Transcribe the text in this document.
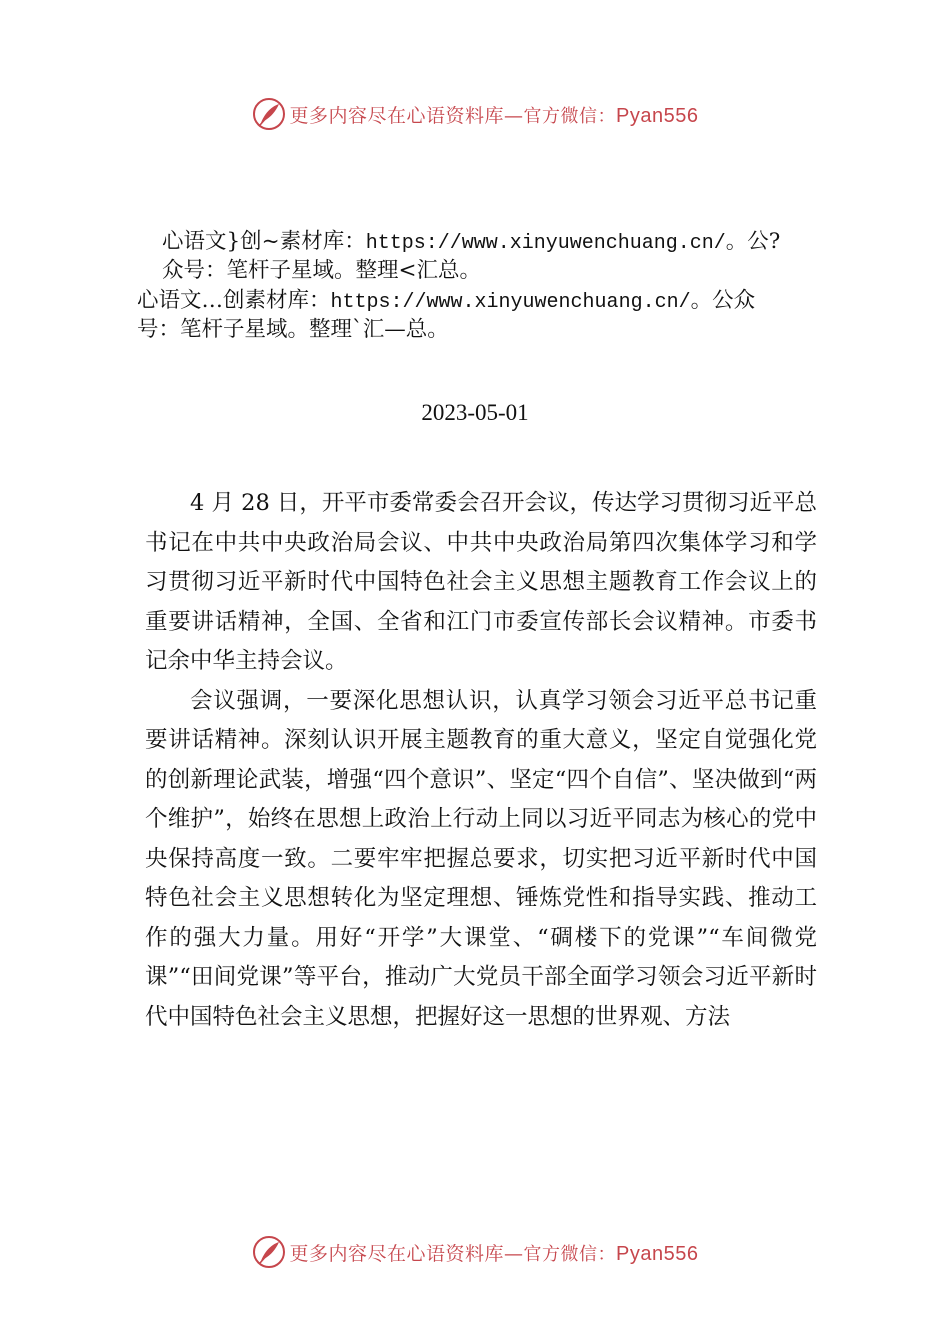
更多内容尽在心语资料库—官方微信：Pyan556
心语文}创~素材库：https://www.xinyuwenchuang.cn/。公?
众号：笔杆子星域。整理<汇总。
心语文…创素材库：https://www.xinyuwenchuang.cn/。公众
号：笔杆子星域。整理`汇—总。
2023-05-01

4 月 28 日，开平市委常委会召开会议，传达学习贯彻习近平总书记在中共中央政治局会议、中共中央政治局第四次集体学习和学习贯彻习近平新时代中国特色社会主义思想主题教育工作会议上的重要讲话精神，全国、全省和江门市委宣传部长会议精神。市委书记余中华主持会议。

会议强调，一要深化思想认识，认真学习领会习近平总书记重要讲话精神。深刻认识开展主题教育的重大意义，坚定自觉强化党的创新理论武装，增强“四个意识”、坚定“四个自信”、坚决做到“两个维护”，始终在思想上政治上行动上同以习近平同志为核心的党中央保持高度一致。二要牢牢把握总要求，切实把习近平新时代中国特色社会主义思想转化为坚定理想、锤炼党性和指导实践、推动工作的强大力量。用好“开学”大课堂、“碉楼下的党课”“车间微党课”“田间党课”等平台，推动广大党员干部全面学习领会习近平新时代中国特色社会主义思想，把握好这一思想的世界观、方法

更多内容尽在心语资料库—官方微信：Pyan556
